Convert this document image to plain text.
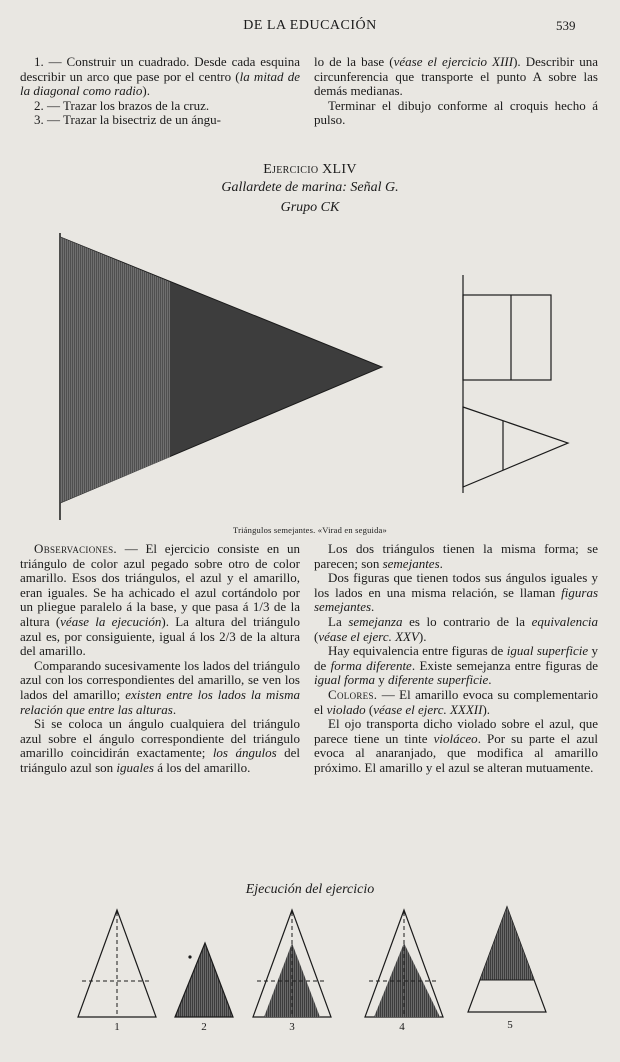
DE LA EDUCACIÓN	539

1. — Construir un cuadrado. Desde cada esquina describir un arco que pase por el centro (la mitad de la diagonal como radio).

2. — Trazar los brazos de la cruz.

3. — Trazar la bisectriz de un ángu-

lo de la base (véase el ejercicio XIII). Describir una circunferencia que transporte el punto A sobre las demás medianas.

Terminar el dibujo conforme al croquis hecho á pulso.

Ejercicio XLIV
Gallardete de marina: Señal G.
Grupo CK
Triángulos semejantes. «Virad en seguida»

Observaciones. — El ejercicio consiste en un triángulo de color azul pegado sobre otro de color amarillo. Esos dos triángulos, el azul y el amarillo, eran iguales. Se ha achicado el azul cortándolo por un pliegue paralelo á la base, y que pasa á 1/3 de la altura (véase la ejecución). La altura del triángulo azul es, por consiguiente, igual á los 2/3 de la altura del amarillo.

Comparando sucesivamente los lados del triángulo azul con los correspondientes del amarillo, se ven los lados del amarillo; existen entre los lados la misma relación que entre las alturas.

Si se coloca un ángulo cualquiera del triángulo azul sobre el ángulo correspondiente del triángulo amarillo coincidirán exactamente; los ángulos del triángulo azul son iguales á los del amarillo.

Los dos triángulos tienen la misma forma; se parecen; son semejantes.

Dos figuras que tienen todos sus ángulos iguales y los lados en una misma relación, se llaman figuras semejantes.

La semejanza es lo contrario de la equivalencia (véase el ejerc. XXV).

Hay equivalencia entre figuras de igual superficie y de forma diferente. Existe semejanza entre figuras de igual forma y diferente superficie.

Colores. — El amarillo evoca su complementario el violado (véase el ejerc. XXXII).

El ojo transporta dicho violado sobre el azul, que parece tiene un tinte violáceo. Por su parte el azul evoca al anaranjado, que modifica al amarillo próximo. El amarillo y el azul se alteran mutuamente.

Ejecución del ejercicio
1	2	3	4	5
